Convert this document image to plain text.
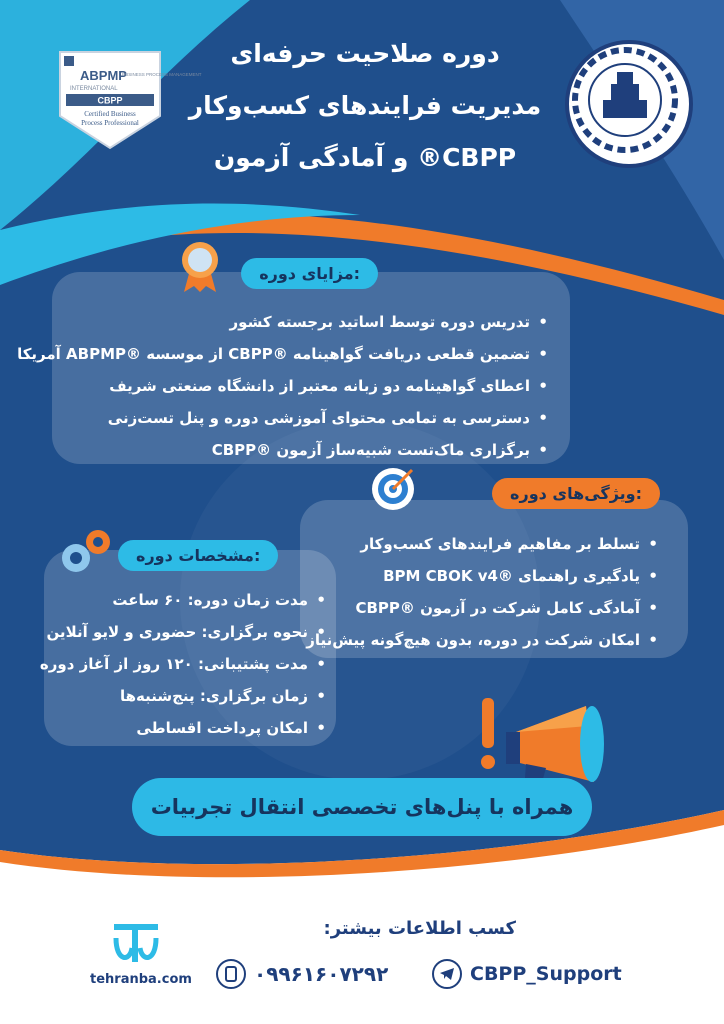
ABPMP
INTERNATIONAL
BUSINESS PROCESS MANAGEMENT
CBPP
Certified Business
Process Professional
دوره صلاحیت حرفه‌ای
مدیریت فرایندهای کسب‌وکار
و آمادگی آزمون ®CBPP
مزایای دوره:
• تدریس دوره توسط اساتید برجسته کشور
• تضمین قطعی دریافت گواهینامه ®CBPP از موسسه ®ABPMP آمریکا
• اعطای گواهینامه دو زبانه معتبر از دانشگاه صنعتی شریف
• دسترسی به تمامی محتوای آموزشی دوره و پنل تست‌زنی
• برگزاری ماک‌تست شبیه‌ساز آزمون ®CBPP
ویژگی‌های دوره:
• تسلط بر مفاهیم فرایندهای کسب‌وکار
• یادگیری راهنمای ®BPM CBOK v4
• آمادگی کامل شرکت در آزمون ®CBPP
• امکان شرکت در دوره، بدون هیچ‌گونه پیش‌نیاز
مشخصات دوره:
• مدت زمان دوره: ۶۰ ساعت
• نحوه برگزاری: حضوری و لایو آنلاین
• مدت پشتیبانی: ۱۲۰ روز از آغاز دوره
• زمان برگزاری: پنج‌شنبه‌ها
• امکان پرداخت اقساطی
همراه با پنل‌های تخصصی انتقال تجربیات
کسب اطلاعات بیشتر:
۰۹۹۶۱۶۰۷۲۹۲	CBPP_Support
tehranba.com
